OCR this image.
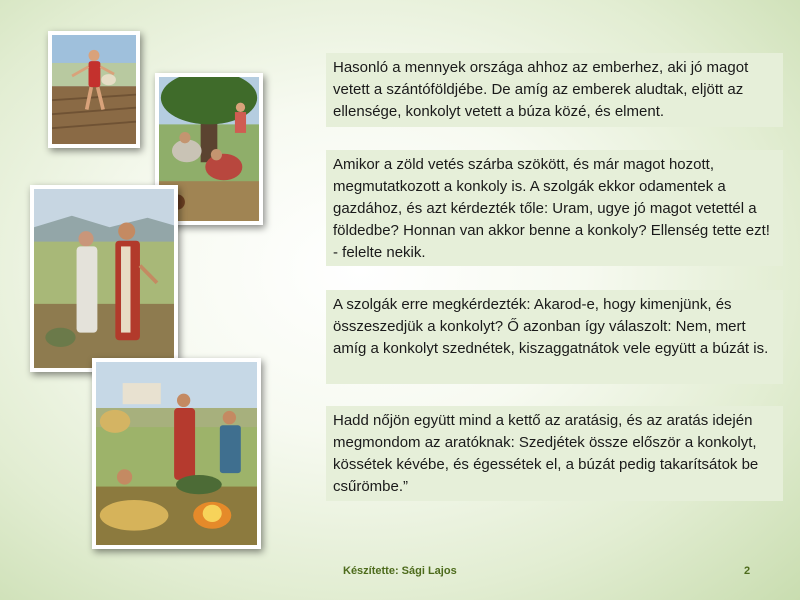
Hasonló a mennyek országa ahhoz az emberhez, aki jó magot vetett a szántóföldjébe. De amíg az emberek aludtak, eljött az ellensége, konkolyt vetett a búza közé, és elment.
Amikor a zöld vetés szárba szökött, és már magot hozott, megmutatkozott a konkoly is. A szolgák ekkor odamentek a gazdához, és azt kérdezték tőle: Uram, ugye jó magot vetettél a földedbe? Honnan van akkor benne a konkoly? Ellenség tette ezt! - felelte nekik.
A szolgák erre megkérdezték: Akarod-e, hogy kimenjünk, és összeszedjük a konkolyt? Ő azonban így válaszolt: Nem, mert amíg a konkolyt szednétek, kiszaggatnátok vele együtt a búzát is.
Hadd nőjön együtt mind a kettő az aratásig, és az aratás idején megmondom az aratóknak: Szedjétek össze először a konkolyt, kössétek kévébe, és égessétek el, a búzát pedig takarítsátok be csűrömbe.”
Készítette: Sági Lajos	2
